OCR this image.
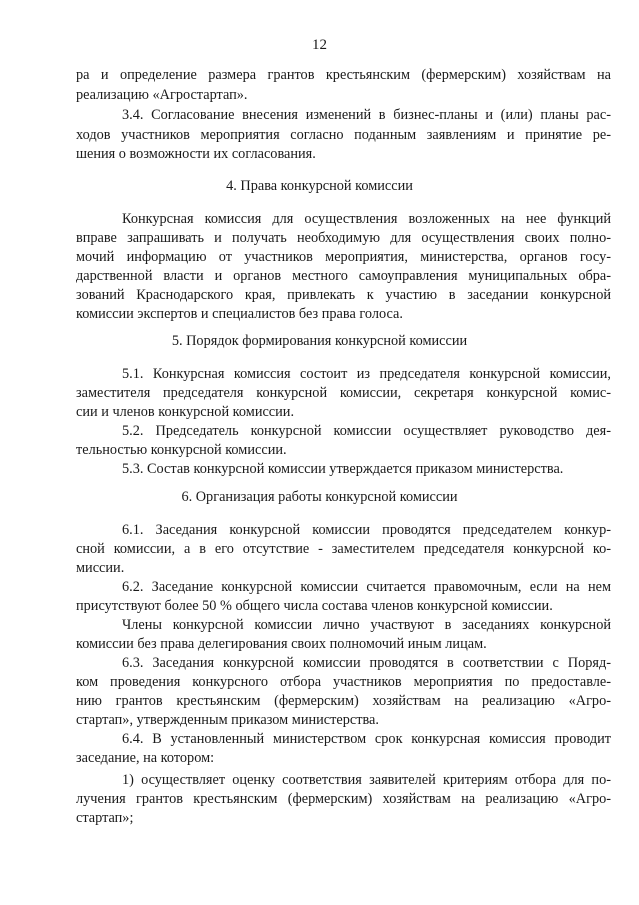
12
ра и определение размера грантов крестьянским (фермерским) хозяйствам на
реализацию «Агростартап».
3.4. Согласование внесения изменений в бизнес-планы и (или) планы рас-
ходов участников мероприятия согласно поданным заявлениям и принятие ре-
шения о возможности их согласования.
4. Права конкурсной комиссии
Конкурсная комиссия для осуществления возложенных на нее функций
вправе запрашивать и получать необходимую для осуществления своих полно-
мочий информацию от участников мероприятия, министерства, органов госу-
дарственной власти и органов местного самоуправления муниципальных обра-
зований Краснодарского края, привлекать к участию в заседании конкурсной
комиссии экспертов и специалистов без права голоса.
5. Порядок формирования конкурсной комиссии
5.1. Конкурсная комиссия состоит из председателя конкурсной комиссии,
заместителя председателя конкурсной комиссии, секретаря конкурсной комис-
сии и членов конкурсной комиссии.
5.2. Председатель конкурсной комиссии осуществляет руководство дея-
тельностью конкурсной комиссии.
5.3. Состав конкурсной комиссии утверждается приказом министерства.
6. Организация работы конкурсной комиссии
6.1. Заседания конкурсной комиссии проводятся председателем конкур-
сной комиссии, а в его отсутствие - заместителем председателя конкурсной ко-
миссии.
6.2. Заседание конкурсной комиссии считается правомочным, если на нем
присутствуют более 50 % общего числа состава членов конкурсной комиссии.
Члены конкурсной комиссии лично участвуют в заседаниях конкурсной
комиссии без права делегирования своих полномочий иным лицам.
6.3. Заседания конкурсной комиссии проводятся в соответствии с Поряд-
ком проведения конкурсного отбора участников мероприятия по предоставле-
нию грантов крестьянским (фермерским) хозяйствам на реализацию «Агро-
стартап», утвержденным приказом министерства.
6.4. В установленный министерством срок конкурсная комиссия проводит
заседание, на котором:
1) осуществляет оценку соответствия заявителей критериям отбора для по-
лучения грантов крестьянским (фермерским) хозяйствам на реализацию «Агро-
стартап»;
